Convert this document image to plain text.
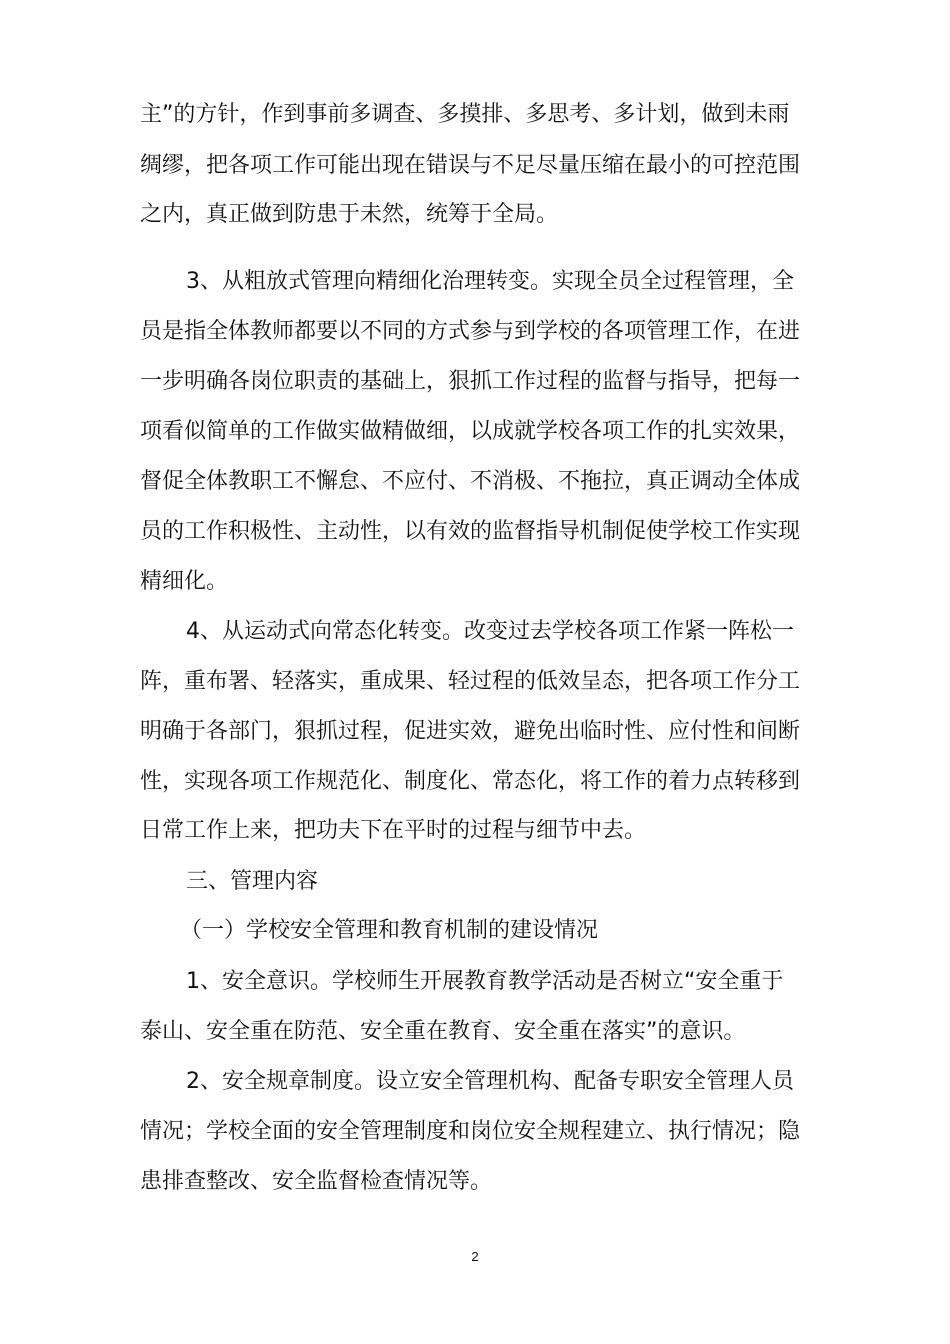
主”的方针，作到事前多调查、多摸排、多思考、多计划，做到未雨
绸缪，把各项工作可能出现在错误与不足尽量压缩在最小的可控范围
之内，真正做到防患于未然，统筹于全局。
3、从粗放式管理向精细化治理转变。实现全员全过程管理，全
员是指全体教师都要以不同的方式参与到学校的各项管理工作，在进
一步明确各岗位职责的基础上，狠抓工作过程的监督与指导，把每一
项看似简单的工作做实做精做细，以成就学校各项工作的扎实效果，
督促全体教职工不懈怠、不应付、不消极、不拖拉，真正调动全体成
员的工作积极性、主动性，以有效的监督指导机制促使学校工作实现
精细化。
4、从运动式向常态化转变。改变过去学校各项工作紧一阵松一
阵，重布署、轻落实，重成果、轻过程的低效呈态，把各项工作分工
明确于各部门，狠抓过程，促进实效，避免出临时性、应付性和间断
性，实现各项工作规范化、制度化、常态化，将工作的着力点转移到
日常工作上来，把功夫下在平时的过程与细节中去。
三、管理内容
（一）学校安全管理和教育机制的建设情况
1、安全意识。学校师生开展教育教学活动是否树立“安全重于
泰山、安全重在防范、安全重在教育、安全重在落实”的意识。
2、安全规章制度。设立安全管理机构、配备专职安全管理人员
情况；学校全面的安全管理制度和岗位安全规程建立、执行情况；隐
患排查整改、安全监督检查情况等。
2
